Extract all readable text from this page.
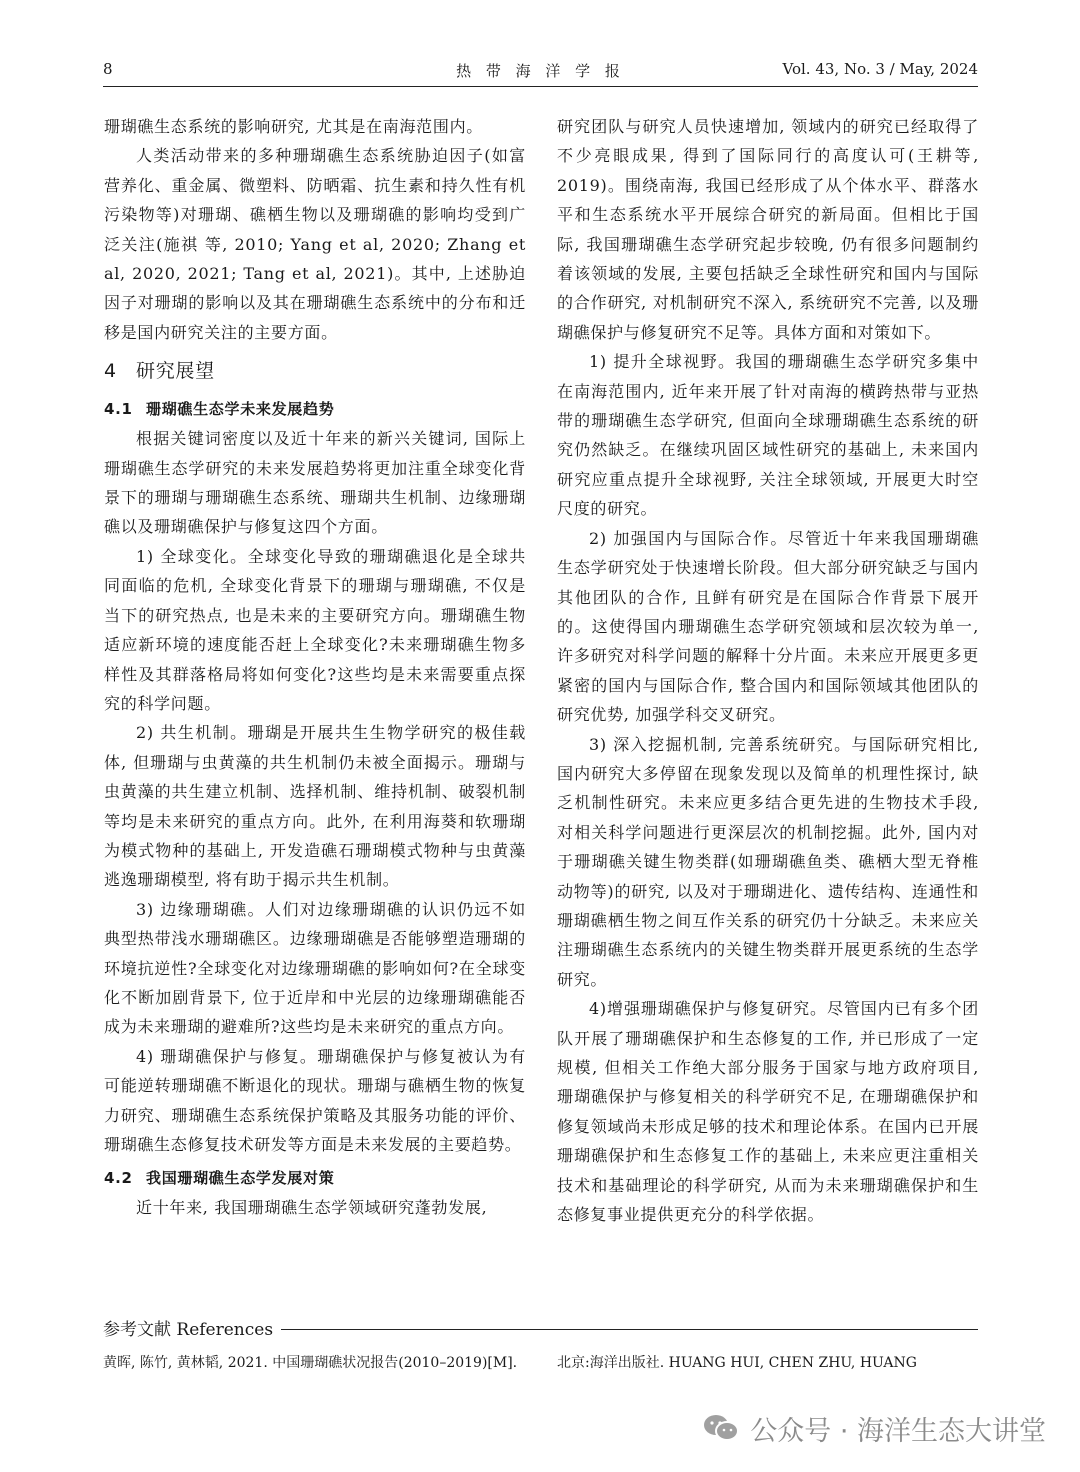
8	热 带 海 洋 学 报	Vol. 43, No. 3 / May, 2024

珊瑚礁生态系统的影响研究, 尤其是在南海范围内。

人类活动带来的多种珊瑚礁生态系统胁迫因子(如富营养化、重金属、微塑料、防晒霜、抗生素和持久性有机污染物等)对珊瑚、礁栖生物以及珊瑚礁的影响均受到广泛关注(施祺 等, 2010; Yang et al, 2020; Zhang et al, 2020, 2021; Tang et al, 2021)。其中, 上述胁迫因子对珊瑚的影响以及其在珊瑚礁生态系统中的分布和迁移是国内研究关注的主要方面。

4 研究展望
4.1 珊瑚礁生态学未来发展趋势

根据关键词密度以及近十年来的新兴关键词, 国际上珊瑚礁生态学研究的未来发展趋势将更加注重全球变化背景下的珊瑚与珊瑚礁生态系统、珊瑚共生机制、边缘珊瑚礁以及珊瑚礁保护与修复这四个方面。

1) 全球变化。全球变化导致的珊瑚礁退化是全球共同面临的危机, 全球变化背景下的珊瑚与珊瑚礁, 不仅是当下的研究热点, 也是未来的主要研究方向。珊瑚礁生物适应新环境的速度能否赶上全球变化?未来珊瑚礁生物多样性及其群落格局将如何变化?这些均是未来需要重点探究的科学问题。

2) 共生机制。珊瑚是开展共生生物学研究的极佳载体, 但珊瑚与虫黄藻的共生机制仍未被全面揭示。珊瑚与虫黄藻的共生建立机制、选择机制、维持机制、破裂机制等均是未来研究的重点方向。此外, 在利用海葵和软珊瑚为模式物种的基础上, 开发造礁石珊瑚模式物种与虫黄藻逃逸珊瑚模型, 将有助于揭示共生机制。

3) 边缘珊瑚礁。人们对边缘珊瑚礁的认识仍远不如典型热带浅水珊瑚礁区。边缘珊瑚礁是否能够塑造珊瑚的环境抗逆性?全球变化对边缘珊瑚礁的影响如何?在全球变化不断加剧背景下, 位于近岸和中光层的边缘珊瑚礁能否成为未来珊瑚的避难所?这些均是未来研究的重点方向。

4) 珊瑚礁保护与修复。珊瑚礁保护与修复被认为有可能逆转珊瑚礁不断退化的现状。珊瑚与礁栖生物的恢复力研究、珊瑚礁生态系统保护策略及其服务功能的评价、珊瑚礁生态修复技术研发等方面是未来发展的主要趋势。

4.2 我国珊瑚礁生态学发展对策

近十年来, 我国珊瑚礁生态学领域研究蓬勃发展,

研究团队与研究人员快速增加, 领域内的研究已经取得了不少亮眼成果, 得到了国际同行的高度认可(王耕等, 2019)。围绕南海, 我国已经形成了从个体水平、群落水平和生态系统水平开展综合研究的新局面。但相比于国际, 我国珊瑚礁生态学研究起步较晚, 仍有很多问题制约着该领域的发展, 主要包括缺乏全球性研究和国内与国际的合作研究, 对机制研究不深入, 系统研究不完善, 以及珊瑚礁保护与修复研究不足等。具体方面和对策如下。

1) 提升全球视野。我国的珊瑚礁生态学研究多集中在南海范围内, 近年来开展了针对南海的横跨热带与亚热带的珊瑚礁生态学研究, 但面向全球珊瑚礁生态系统的研究仍然缺乏。在继续巩固区域性研究的基础上, 未来国内研究应重点提升全球视野, 关注全球领域, 开展更大时空尺度的研究。

2) 加强国内与国际合作。尽管近十年来我国珊瑚礁生态学研究处于快速增长阶段。但大部分研究缺乏与国内其他团队的合作, 且鲜有研究是在国际合作背景下展开的。这使得国内珊瑚礁生态学研究领域和层次较为单一, 许多研究对科学问题的解释十分片面。未来应开展更多更紧密的国内与国际合作, 整合国内和国际领域其他团队的研究优势, 加强学科交叉研究。

3) 深入挖掘机制, 完善系统研究。与国际研究相比, 国内研究大多停留在现象发现以及简单的机理性探讨, 缺乏机制性研究。未来应更多结合更先进的生物技术手段, 对相关科学问题进行更深层次的机制挖掘。此外, 国内对于珊瑚礁关键生物类群(如珊瑚礁鱼类、礁栖大型无脊椎动物等)的研究, 以及对于珊瑚进化、遗传结构、连通性和珊瑚礁栖生物之间互作关系的研究仍十分缺乏。未来应关注珊瑚礁生态系统内的关键生物类群开展更系统的生态学研究。

4)增强珊瑚礁保护与修复研究。尽管国内已有多个团队开展了珊瑚礁保护和生态修复的工作, 并已形成了一定规模, 但相关工作绝大部分服务于国家与地方政府项目, 珊瑚礁保护与修复相关的科学研究不足, 在珊瑚礁保护和修复领域尚未形成足够的技术和理论体系。在国内已开展珊瑚礁保护和生态修复工作的基础上, 未来应更注重相关技术和基础理论的科学研究, 从而为未来珊瑚礁保护和生态修复事业提供更充分的科学依据。

参考文献 References
黄晖, 陈竹, 黄林韬, 2021. 中国珊瑚礁状况报告(2010–2019)[M].	北京:海洋出版社. HUANG HUI, CHEN ZHU, HUANG
公众号 · 海洋生态大讲堂
